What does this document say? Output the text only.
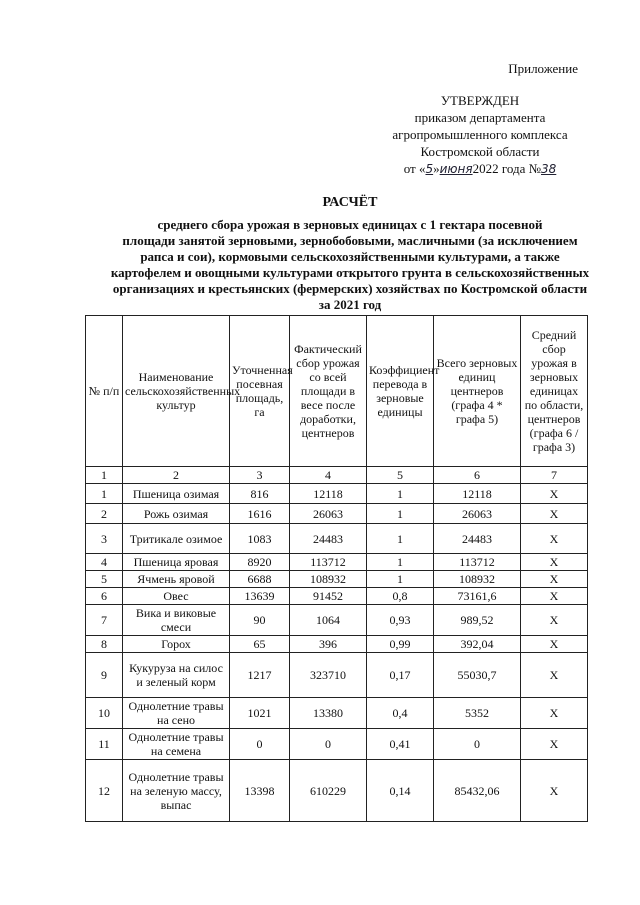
Приложение
УТВЕРЖДЕН
приказом департамента
агропромышленного комплекса
Костромской области
от «5»июня2022 года №38
РАСЧЁТ
среднего сбора урожая в зерновых единицах с 1 гектара посевной
площади занятой зерновыми, зернобобовыми, масличными (за исключением
рапса и сои), кормовыми сельскохозяйственными культурами, а также
картофелем и овощными культурами открытого грунта в сельскохозяйственных
организациях и крестьянских (фермерских) хозяйствах по Костромской области
за 2021 год
№ п/п	Наименование сельскохозяйственных культур	Уточненная посевная площадь, га	Фактический сбор урожая со всей площади в весе после доработки, центнеров	Коэффициент перевода в зерновые единицы	Всего зерновых единиц центнеров (графа 4 * графа 5)	Средний сбор урожая в зерновых единицах по области, центнеров (графа 6 / графа 3)
1	2	3	4	5	6	7
1	Пшеница озимая	816	12118	1	12118	Х
2	Рожь озимая	1616	26063	1	26063	Х
3	Тритикале озимое	1083	24483	1	24483	Х
4	Пшеница яровая	8920	113712	1	113712	Х
5	Ячмень яровой	6688	108932	1	108932	Х
6	Овес	13639	91452	0,8	73161,6	Х
7	Вика и виковые смеси	90	1064	0,93	989,52	Х
8	Горох	65	396	0,99	392,04	Х
9	Кукуруза на силос и зеленый корм	1217	323710	0,17	55030,7	Х
10	Однолетние травы на сено	1021	13380	0,4	5352	Х
11	Однолетние травы на семена	0	0	0,41	0	Х
12	Однолетние травы на зеленую массу, выпас	13398	610229	0,14	85432,06	Х
